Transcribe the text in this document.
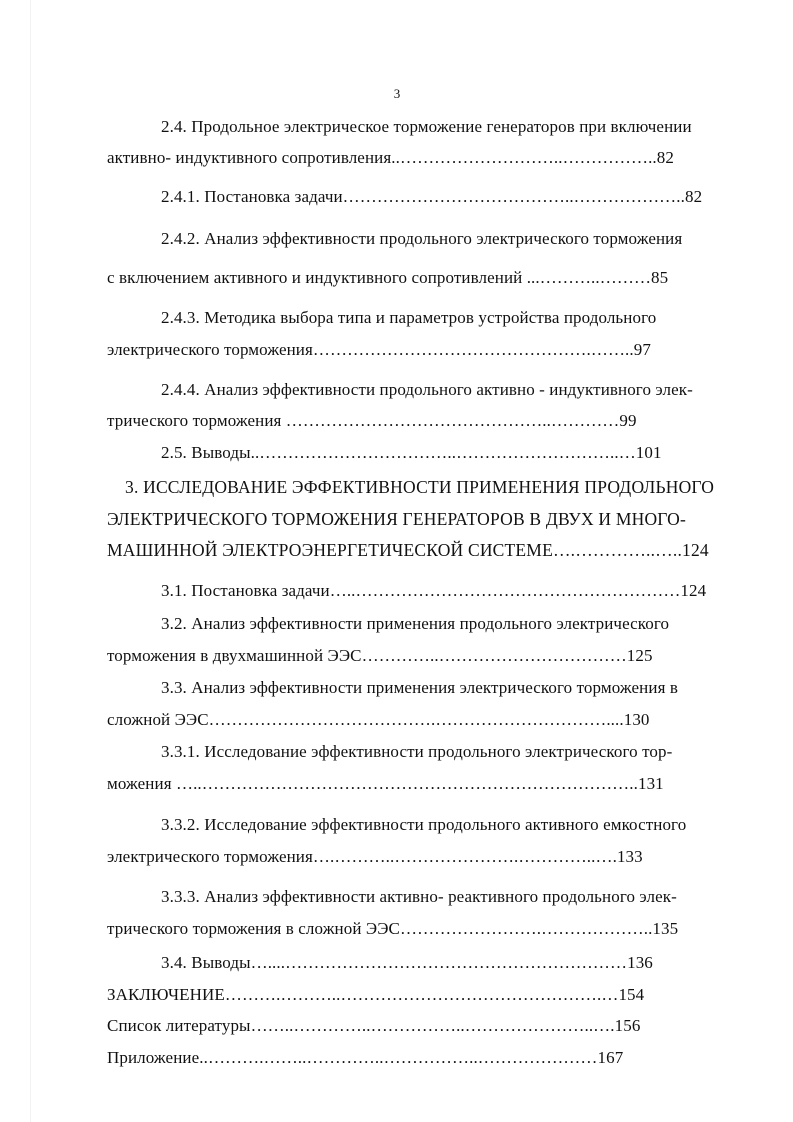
3
2.4. Продольное электрическое торможение генераторов при включении
активно- индуктивного сопротивления..………………………..……………..82
2.4.1. Постановка задачи…………………………………..………………..82
2.4.2. Анализ эффективности продольного электрического торможения
с включением активного и индуктивного сопротивлений ...………..………85
2.4.3. Методика выбора типа и параметров устройства продольного
электрического торможения………………………………………….……..97
2.4.4. Анализ эффективности продольного активно - индуктивного элек-
трического торможения ………………………………………..…………99
2.5. Выводы..……………………………..………………………..…101
3. ИССЛЕДОВАНИЕ ЭФФЕКТИВНОСТИ ПРИМЕНЕНИЯ ПРОДОЛЬНОГО
ЭЛЕКТРИЧЕСКОГО ТОРМОЖЕНИЯ ГЕНЕРАТОРОВ В ДВУХ И МНОГО-
МАШИННОЙ ЭЛЕКТРОЭНЕРГЕТИЧЕСКОЙ СИСТЕМЕ….…………..…..124
3.1. Постановка задачи…..…………………………………………………124
3.2. Анализ эффективности применения продольного электрического
торможения в двухмашинной ЭЭС…………..……………………………125
3.3. Анализ эффективности применения электрического торможения в
сложной ЭЭС………………………………….…………………………....130
3.3.1. Исследование эффективности продольного электрического тор-
можения …..…………………………………………………………………..131
3.3.2. Исследование эффективности продольного активного емкостного
электрического торможения….………..………………….…………..….133
3.3.3. Анализ эффективности активно- реактивного продольного элек-
трического торможения в сложной ЭЭС…………………….………………..135
3.4. Выводы…....……………………………………………………136
ЗАКЛЮЧЕНИЕ……….………..……………………………………….…154
Список литературы……..…………..……………..…………………..….156
Приложение..……….……..…………..……………..…………………167
